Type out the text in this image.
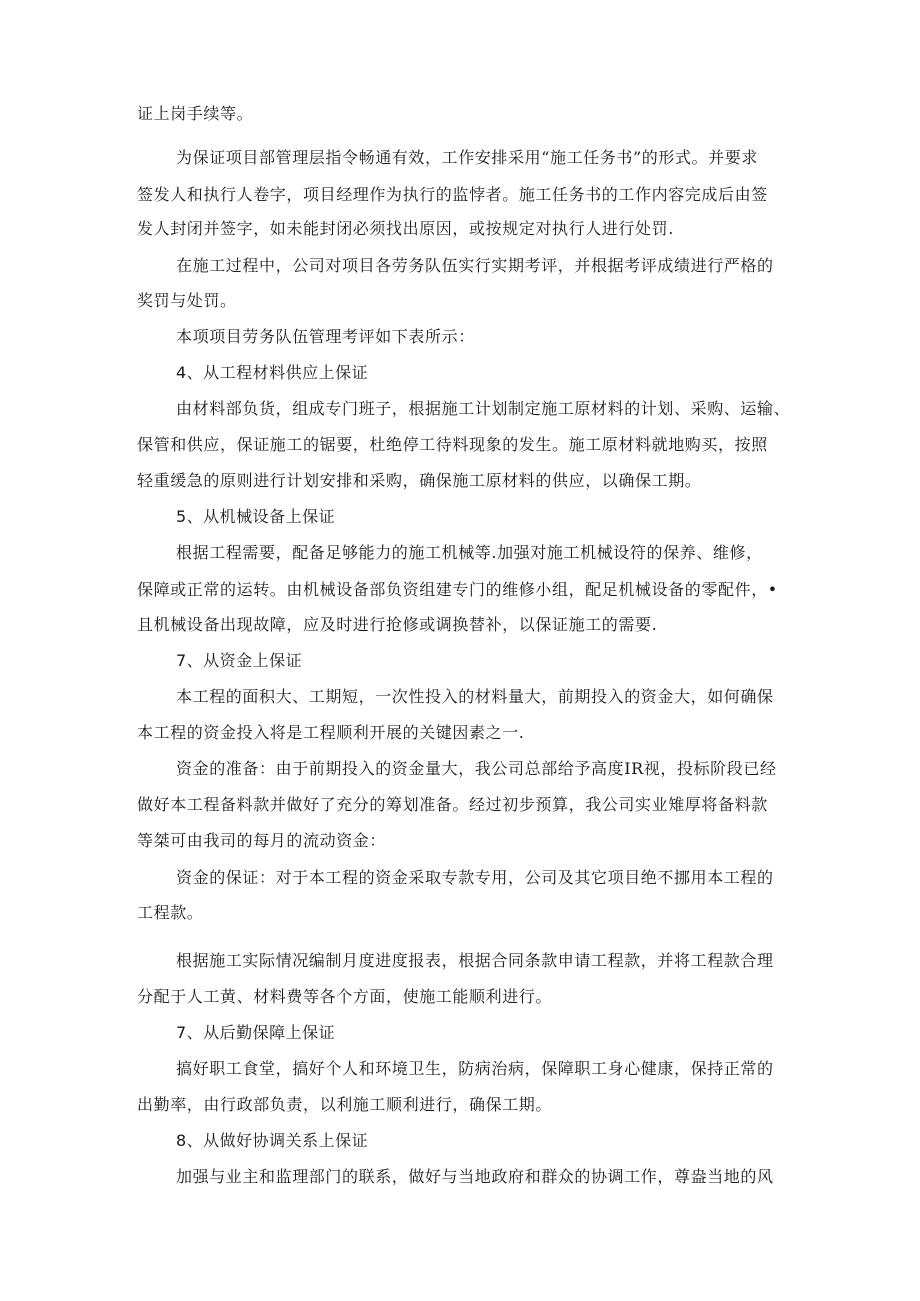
证上岗手续等。
为保证项目部管理层指令畅通有效，工作安排采用“施工任务书”的形式。并要求
签发人和执行人卷字，项目经理作为执行的监悖者。施工任务书的工作内容完成后由签
发人封闭并签字，如未能封闭必须找出原因，或按规定对执行人进行处罚.
在施工过程中，公司对项目各劳务队伍实行实期考评，并根据考评成绩进行严格的
奖罚与处罚。
本项项目劳务队伍管理考评如下表所示：
4、从工程材料供应上保证
由材料部负货，组成专门班子，根据施工计划制定施工原材料的计划、采购、运输、
保管和供应，保证施工的锯要，杜绝停工待料现象的发生。施工原材料就地购买，按照
轻重缓急的原则进行计划安排和采购，确保施工原材料的供应，以确保工期。
5、从机械设备上保证
根据工程需要，配备足够能力的施工机械等.加强对施工机械设符的保养、维修，
保障或正常的运转。由机械设备部负资组建专门的维修小组，配足机械设备的零配件，•
且机械设备出现故障，应及时进行抢修或调换替补，以保证施工的需要.
7、从资金上保证
本工程的面积大、工期短，一次性投入的材料量大，前期投入的资金大，如何确保
本工程的资金投入将是工程顺利开展的关键因素之一.
资金的准备：由于前期投入的资金量大，我公司总部给予高度IR视，投标阶段已经
做好本工程备料款并做好了充分的筹划准备。经过初步预算，我公司实业雉厚将备料款
等桀可由我司的每月的流动资金：
资金的保证：对于本工程的资金采取专款专用，公司及其它项目绝不挪用本工程的
工程款。
根据施工实际情况编制月度进度报表，根据合同条款申请工程款，并将工程款合理
分配于人工黄、材料费等各个方面，使施工能顺利进行。
7、从后勤保障上保证
搞好职工食堂，搞好个人和环境卫生，防病治病，保障职工身心健康，保持正常的
出勤率，由行政部负责，以利施工顺利进行，确保工期。
8、从做好协调关系上保证
加强与业主和监理部门的联系，做好与当地政府和群众的协调工作，尊盎当地的风
